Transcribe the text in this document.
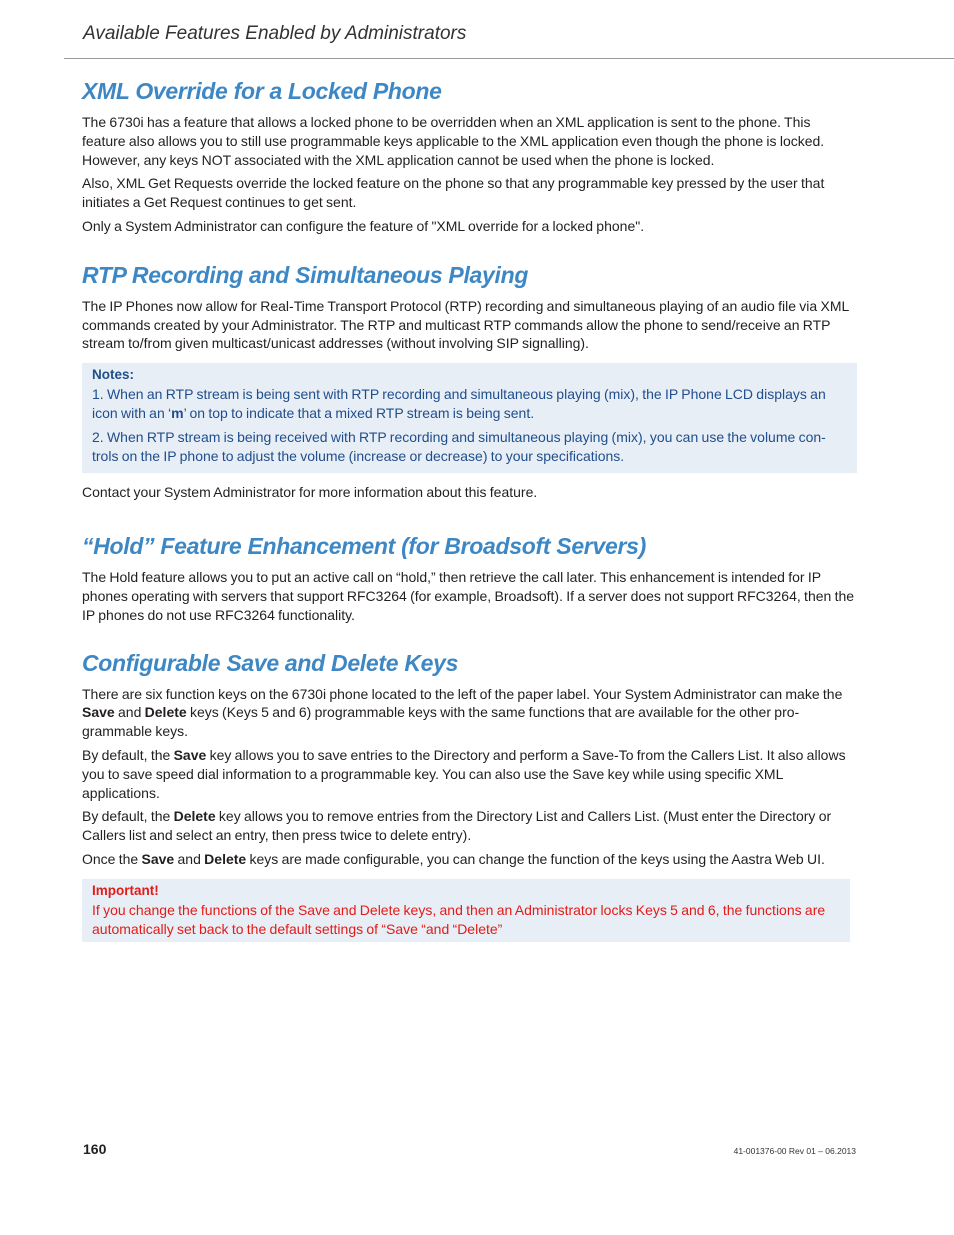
Available Features Enabled by Administrators
XML Override for a Locked Phone

The 6730i has a feature that allows a locked phone to be overridden when an XML application is sent to the phone. This feature also allows you to still use programmable keys applicable to the XML application even though the phone is locked. However, any keys NOT associated with the XML application cannot be used when the phone is locked.

Also, XML Get Requests override the locked feature on the phone so that any programmable key pressed by the user that initiates a Get Request continues to get sent.

Only a System Administrator can configure the feature of "XML override for a locked phone".

RTP Recording and Simultaneous Playing

The IP Phones now allow for Real-Time Transport Protocol (RTP) recording and simultaneous playing of an audio file via XML commands created by your Administrator. The RTP and multicast RTP commands allow the phone to send/receive an RTP stream to/from given multicast/unicast addresses (without involving SIP signalling).

Notes:

1. When an RTP stream is being sent with RTP recording and simultaneous playing (mix), the IP Phone LCD displays an icon with an ‘m’ on top to indicate that a mixed RTP stream is being sent.

2. When RTP stream is being received with RTP recording and simultaneous playing (mix), you can use the volume con-trols on the IP phone to adjust the volume (increase or decrease) to your specifications.

Contact your System Administrator for more information about this feature.

“Hold” Feature Enhancement (for Broadsoft Servers)

The Hold feature allows you to put an active call on “hold,” then retrieve the call later. This enhancement is intended for IP phones operating with servers that support RFC3264 (for example, Broadsoft). If a server does not support RFC3264, then the IP phones do not use RFC3264 functionality.

Configurable Save and Delete Keys

There are six function keys on the 6730i phone located to the left of the paper label. Your System Administrator can make the Save and Delete keys (Keys 5 and 6) programmable keys with the same functions that are available for the other pro-grammable keys.

By default, the Save key allows you to save entries to the Directory and perform a Save-To from the Callers List. It also allows you to save speed dial information to a programmable key. You can also use the Save key while using specific XML applications.

By default, the Delete key allows you to remove entries from the Directory List and Callers List. (Must enter the Directory or Callers list and select an entry, then press twice to delete entry).

Once the Save and Delete keys are made configurable, you can change the function of the keys using the Aastra Web UI.

Important!

If you change the functions of the Save and Delete keys, and then an Administrator locks Keys 5 and 6, the functions are automatically set back to the default settings of “Save “and “Delete”

160	41-001376-00 Rev 01 – 06.2013
